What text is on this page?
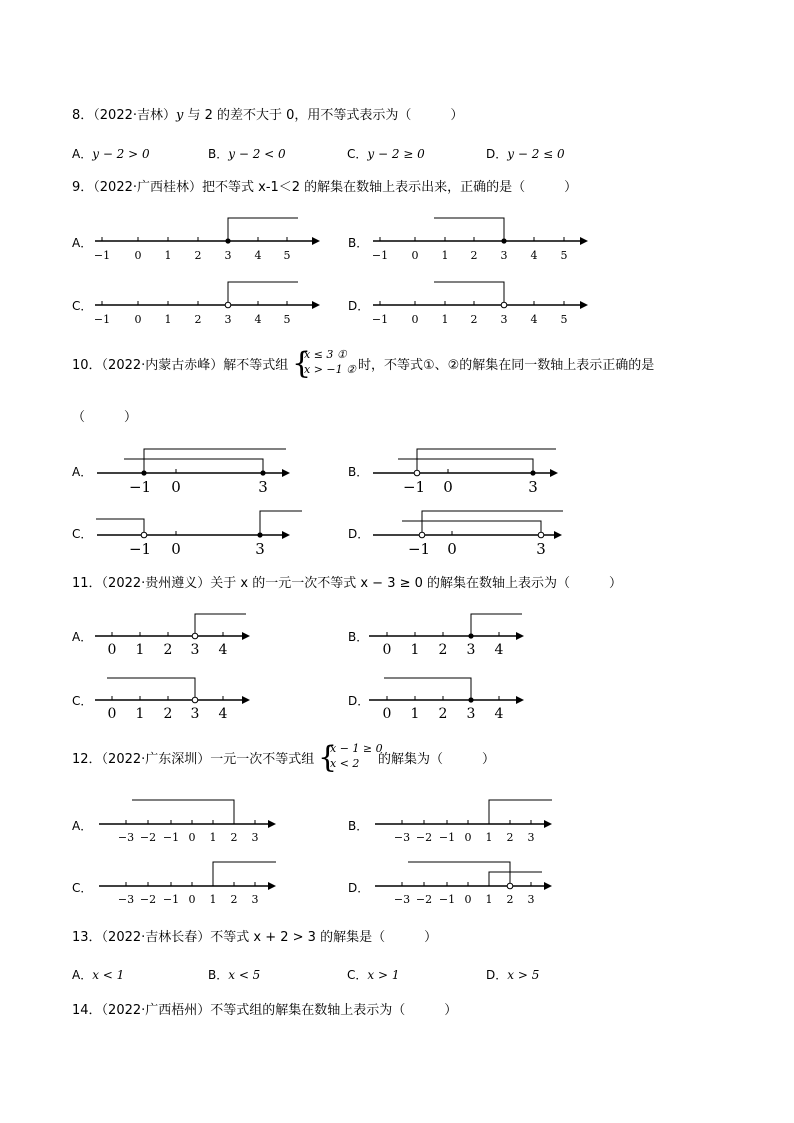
8．（2022·吉林）y 与 2 的差不大于 0，用不等式表示为（　　　）
A．y − 2 > 0	B．y − 2 < 0	C．y − 2 ≥ 0	D．y − 2 ≤ 0
9．（2022·广西桂林）把不等式 x-1＜2 的解集在数轴上表示出来，正确的是（　　　）
A．
−1 0 1 2 3 4 5
B．
−1 0 1 2 3 4 5
C．
−1 0 1 2 3 4 5
D．
−1 0 1 2 3 4 5
10．（2022·内蒙古赤峰）解不等式组 {
x ≤ 3 ①
x > −1 ② 时，不等式①、②的解集在同一数轴上表示正确的是
（　　　）
A．
−1 0	3
B．
−1 0	3
C．
−1 0	3
D．
−1 0	3
11．（2022·贵州遵义）关于 x 的一元一次不等式 x − 3 ≥ 0 的解集在数轴上表示为（　　　）
A．
0 1 2 3 4
B．
0 1 2 3 4
C．
0 1 2 3 4
D．
0 1 2 3 4
12．（2022·广东深圳）一元一次不等式组 {
x − 1 ≥ 0
x < 2	的解集为（　　　）
A．
−3 −2 −1 0 1 2 3
B．
−3 −2 −1 0 1 2 3
C．
−3 −2 −1 0 1 2 3
D．
−3 −2 −1 0 1 2 3
13．（2022·吉林长春）不等式 x + 2 > 3 的解集是（　　　）
A．x < 1	B．x < 5	C．x > 1	D．x > 5
14．（2022·广西梧州）不等式组的解集在数轴上表示为（　　　）
